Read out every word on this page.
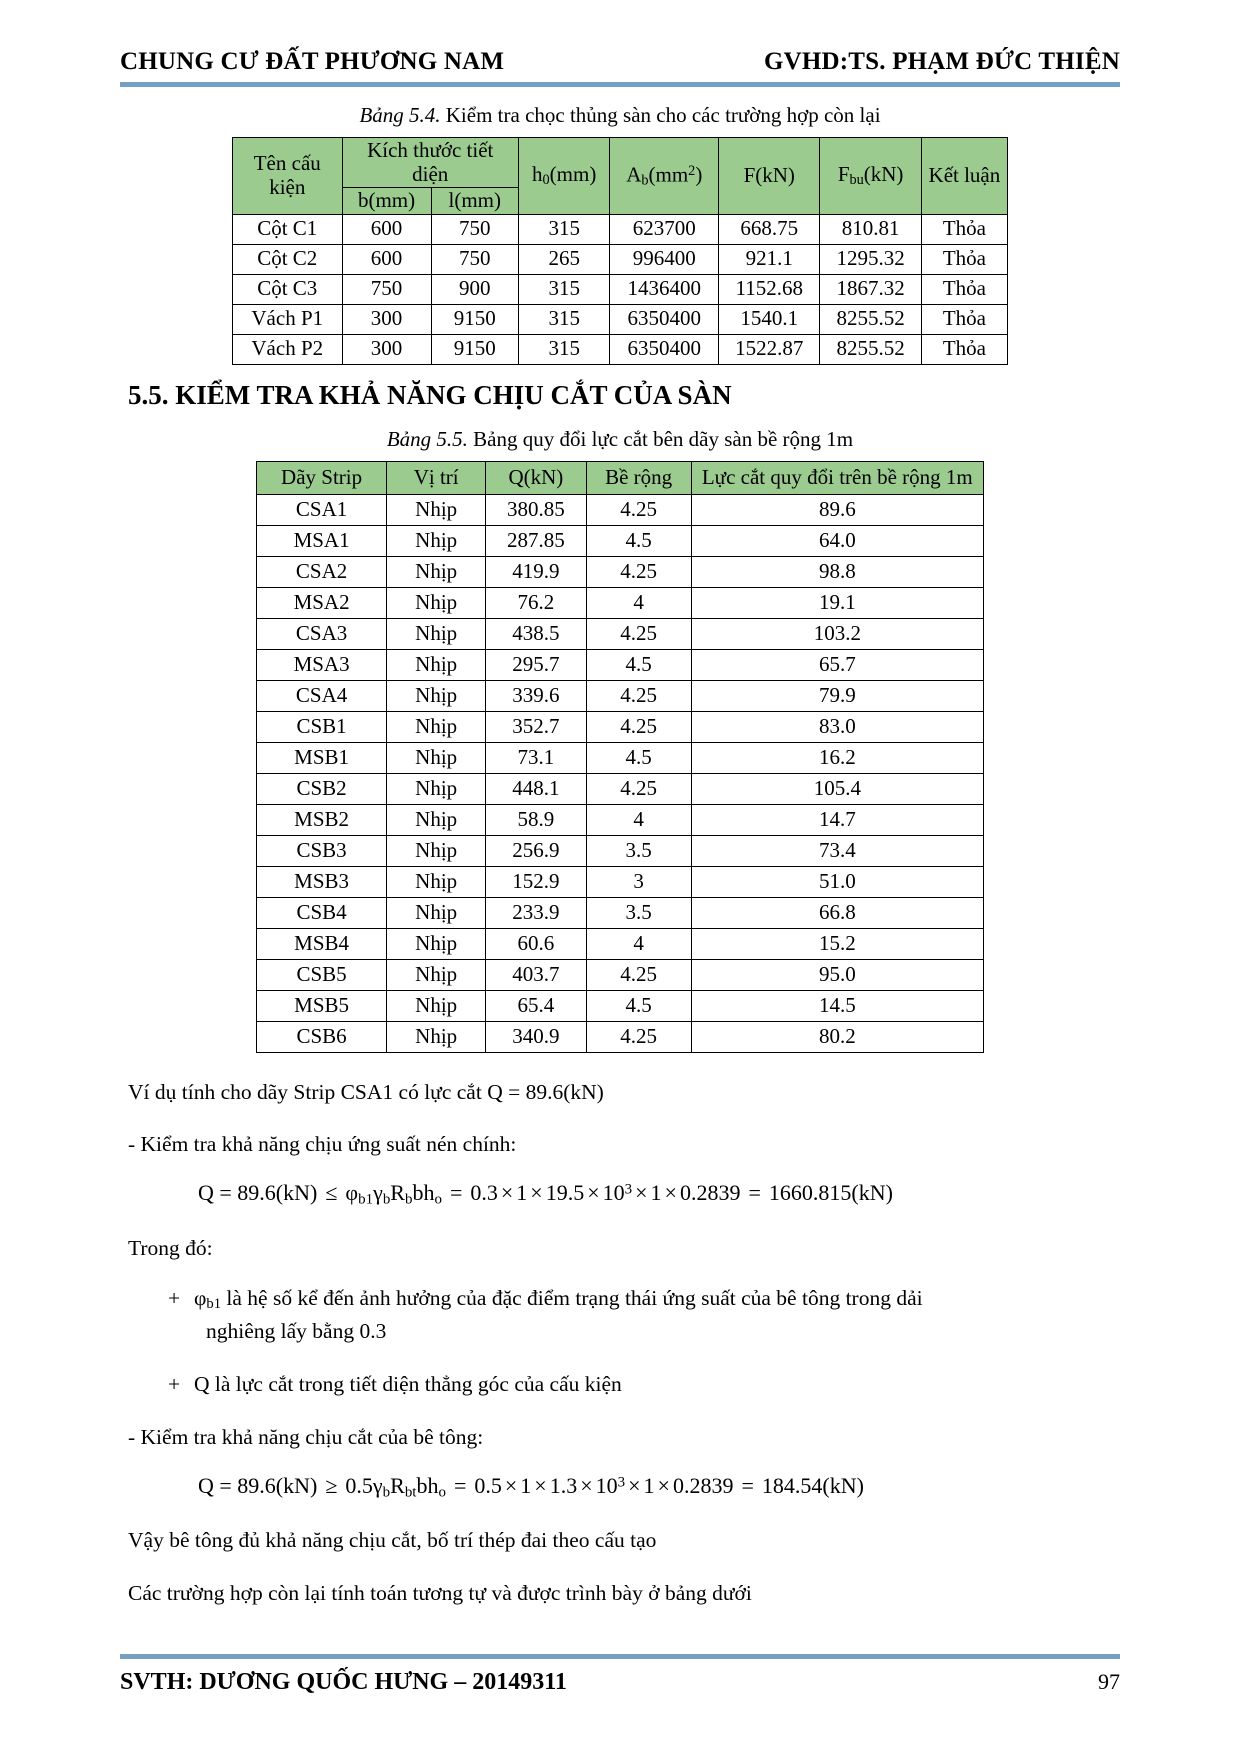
CHUNG CƯ ĐẤT PHƯƠNG NAM	GVHD:TS. PHẠM ĐỨC THIỆN
Bảng 5.4. Kiểm tra chọc thủng sàn cho các trường hợp còn lại
Tên cấu kiện	Kích thước tiết diện		$h_0(mm)$	$A_b(mm^2)$	F(kN)	$F_{bu}(kN)$	Kết luận
	b(mm)	l(mm)					
Cột C1	600	750	315	623700	668.75	810.81	Thỏa
Cột C2	600	750	265	996400	921.1	1295.32	Thỏa
Cột C3	750	900	315	1436400	1152.68	1867.32	Thỏa
Vách P1	300	9150	315	6350400	1540.1	8255.52	Thỏa
Vách P2	300	9150	315	6350400	1522.87	8255.52	Thỏa
5.5. KIỂM TRA KHẢ NĂNG CHỊU CẮT CỦA SÀN
Bảng 5.5. Bảng quy đổi lực cắt bên dãy sàn bề rộng 1m
Dãy Strip	Vị trí	Q(kN)	Bề rộng	Lực cắt quy đổi trên bề rộng 1m
CSA1	Nhịp	380.85	4.25	89.6
MSA1	Nhịp	287.85	4.5	64.0
CSA2	Nhịp	419.9	4.25	98.8
MSA2	Nhịp	76.2	4	19.1
CSA3	Nhịp	438.5	4.25	103.2
MSA3	Nhịp	295.7	4.5	65.7
CSA4	Nhịp	339.6	4.25	79.9
CSB1	Nhịp	352.7	4.25	83.0
MSB1	Nhịp	73.1	4.5	16.2
CSB2	Nhịp	448.1	4.25	105.4
MSB2	Nhịp	58.9	4	14.7
CSB3	Nhịp	256.9	3.5	73.4
MSB3	Nhịp	152.9	3	51.0
CSB4	Nhịp	233.9	3.5	66.8
MSB4	Nhịp	60.6	4	15.2
CSB5	Nhịp	403.7	4.25	95.0
MSB5	Nhịp	65.4	4.5	14.5
CSB6	Nhịp	340.9	4.25	80.2
Ví dụ tính cho dãy Strip CSA1 có lực cắt Q = 89.6(kN)
- Kiểm tra khả năng chịu ứng suất nén chính:
$Q = 89.6(kN) \le \varphi_{b1}\gamma_bR_bbh_o = 0.3 \times 1 \times 19.5 \times 10^3 \times 1 \times 0.2839 = 1660.815(kN)$
Trong đó:
+ $\varphi_{b1}$ là hệ số kể đến ảnh hưởng của đặc điểm trạng thái ứng suất của bê tông trong dải
nghiêng lấy bằng 0.3
+ Q là lực cắt trong tiết diện thẳng góc của cấu kiện
- Kiểm tra khả năng chịu cắt của bê tông:
$Q = 89.6(kN) \ge 0.5\gamma_bR_{bt}bh_o = 0.5 \times 1 \times 1.3 \times 10^3 \times 1 \times 0.2839 = 184.54(kN)$
Vậy bê tông đủ khả năng chịu cắt, bố trí thép đai theo cấu tạo
Các trường hợp còn lại tính toán tương tự và được trình bày ở bảng dưới
SVTH: DƯƠNG QUỐC HƯNG – 20149311	97
